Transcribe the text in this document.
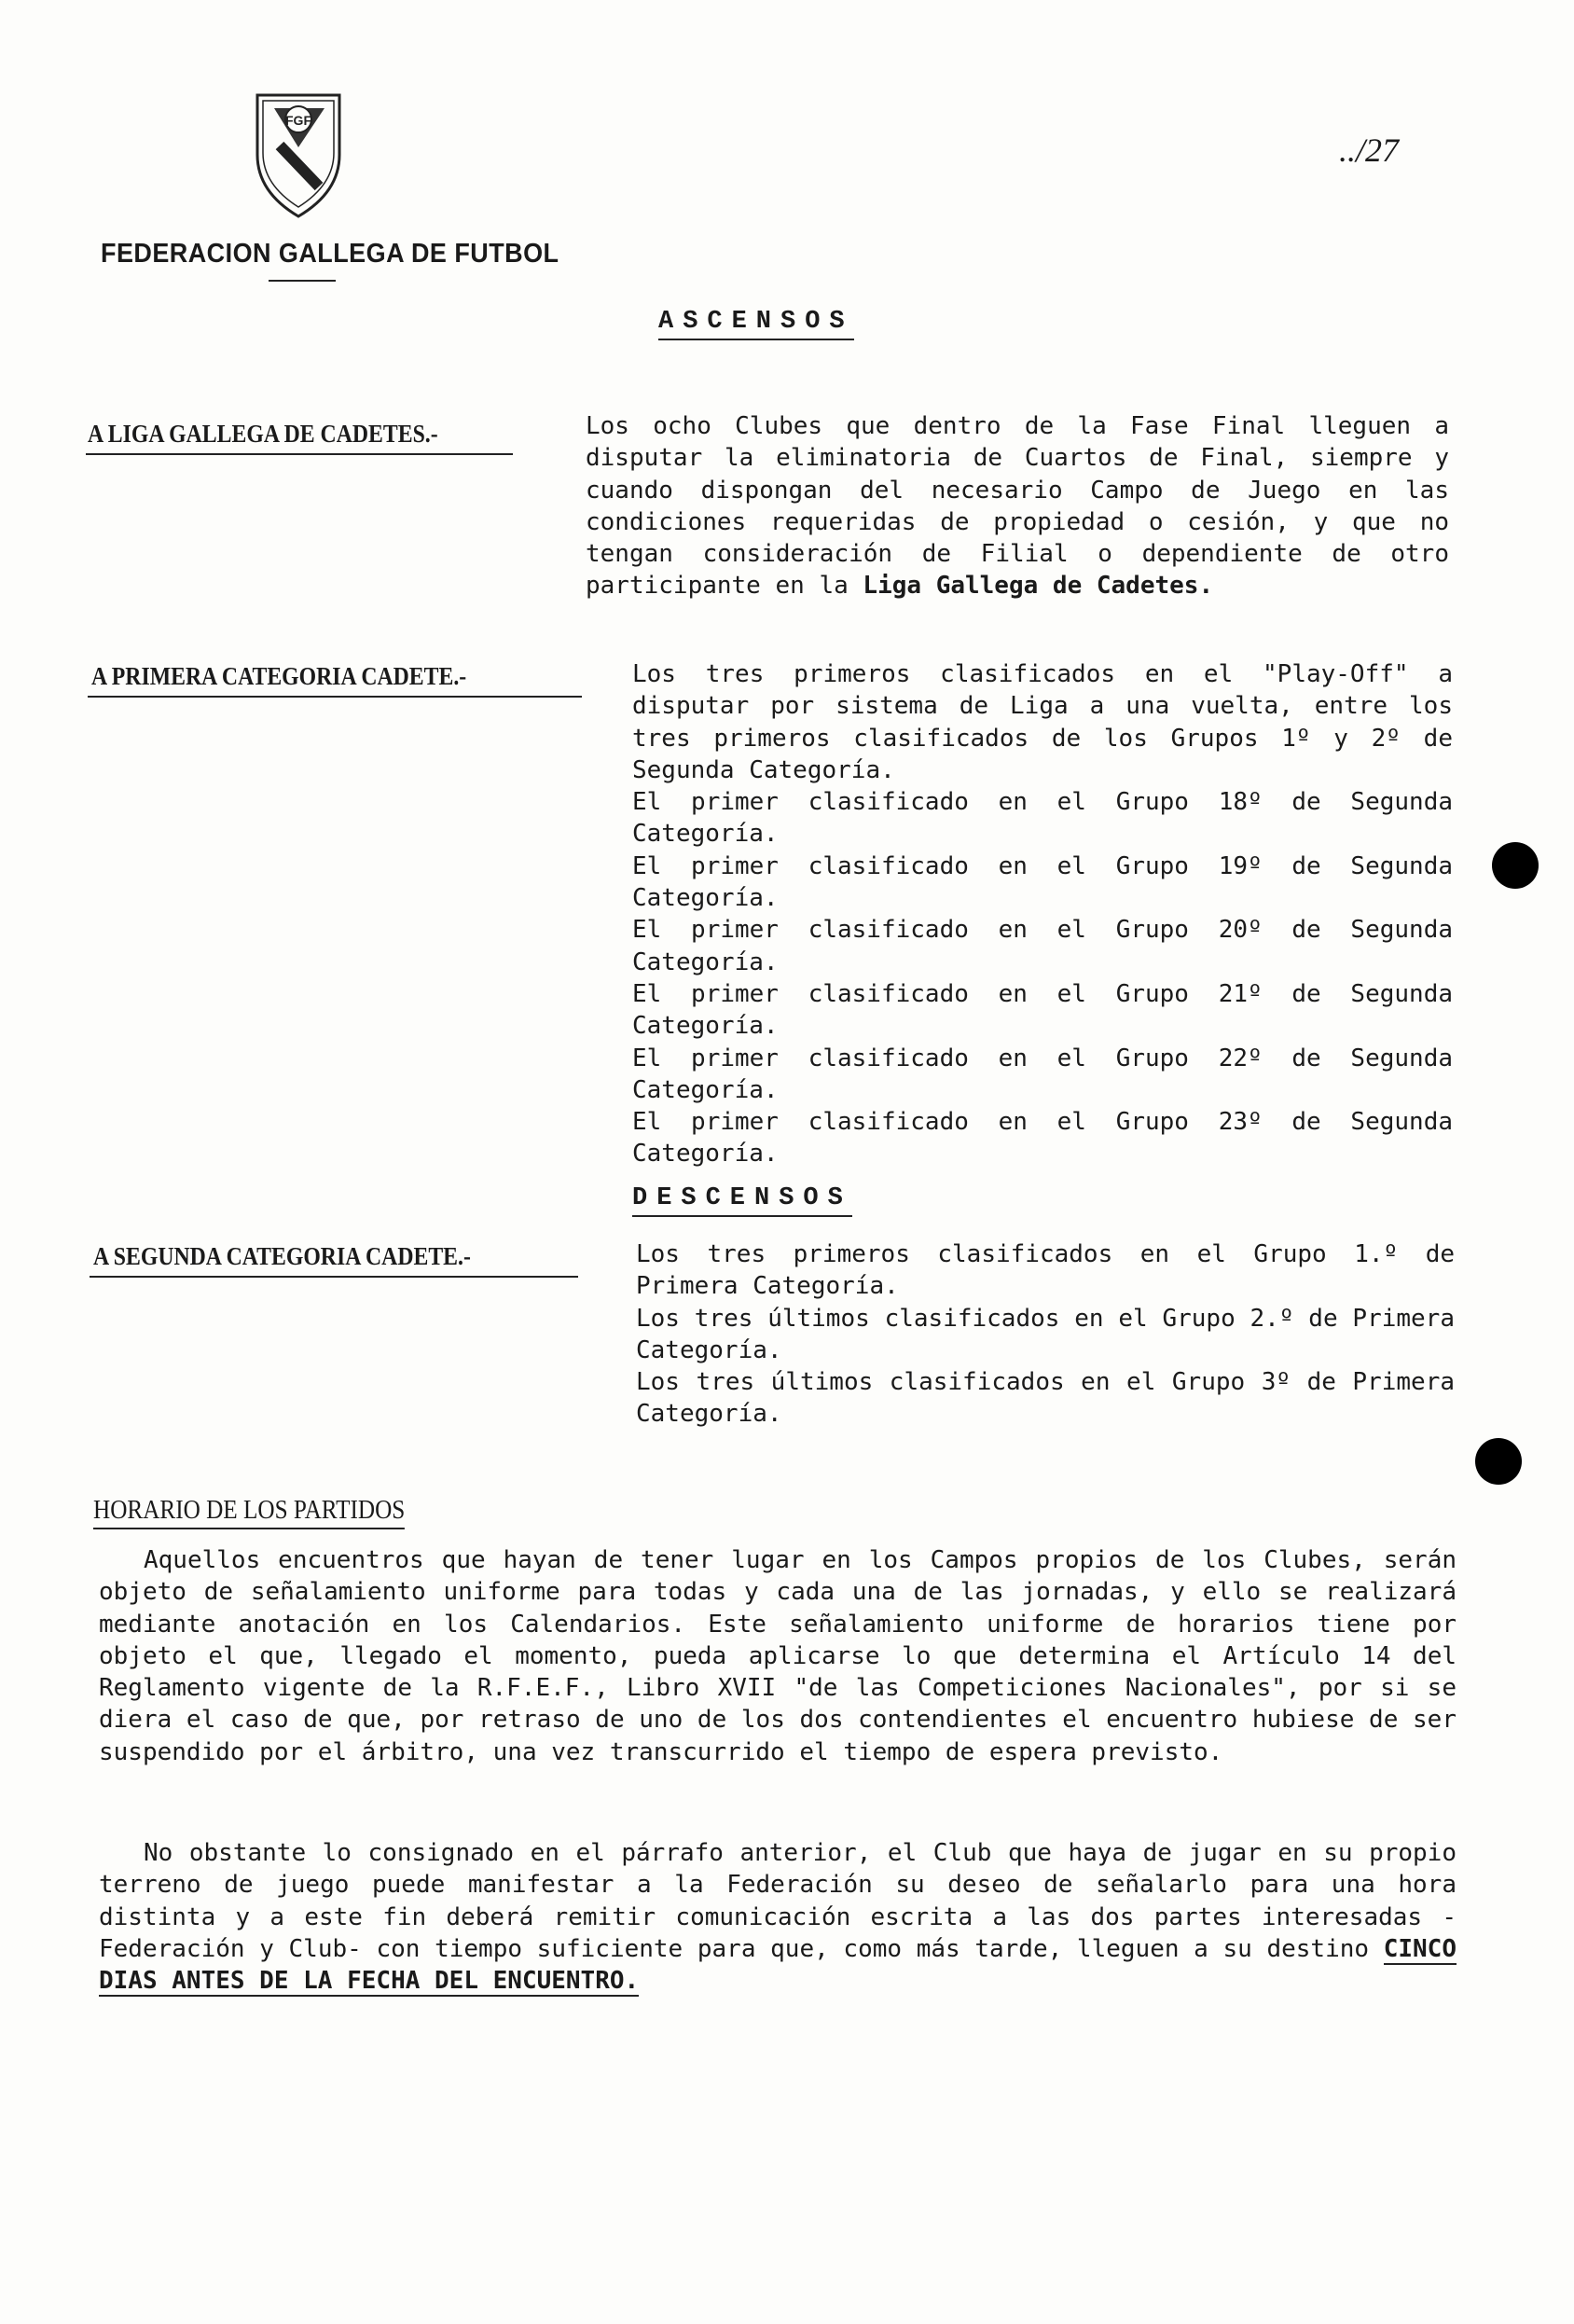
FGF
FEDERACION GALLEGA DE FUTBOL
../27
ASCENSOS
A LIGA GALLEGA DE CADETES.-	Los ocho Clubes que dentro de la Fase Final lleguen a disputar la eliminatoria de Cuartos de Final, siempre y cuando dispongan del necesario Campo de Juego en las condiciones requeridas de propiedad o cesión, y que no tengan consideración de Filial o dependiente de otro participante en la Liga Gallega de Cadetes.

A PRIMERA CATEGORIA CADETE.-	Los tres primeros clasificados en el "Play-Off" a disputar por sistema de Liga a una vuelta, entre los tres primeros clasificados de los Grupos 1º y 2º de Segunda Categoría.

El primer clasificado en el Grupo 18º de Segunda Categoría.

El primer clasificado en el Grupo 19º de Segunda Categoría.

El primer clasificado en el Grupo 20º de Segunda Categoría.

El primer clasificado en el Grupo 21º de Segunda Categoría.

El primer clasificado en el Grupo 22º de Segunda Categoría.

El primer clasificado en el Grupo 23º de Segunda Categoría.

DESCENSOS
A SEGUNDA CATEGORIA CADETE.-	Los tres primeros clasificados en el Grupo 1.º de Primera Categoría.

Los tres últimos clasificados en el Grupo 2.º de Primera Categoría.

Los tres últimos clasificados en el Grupo 3º de Primera Categoría.

HORARIO DE LOS PARTIDOS

Aquellos encuentros que hayan de tener lugar en los Campos propios de los Clubes, serán objeto de señalamiento uniforme para todas y cada una de las jornadas, y ello se realizará mediante anotación en los Calendarios. Este señalamiento uniforme de horarios tiene por objeto el que, llegado el momento, pueda aplicarse lo que determina el Artículo 14 del Reglamento vigente de la R.F.E.F., Libro XVII "de las Competiciones Nacionales", por si se diera el caso de que, por retraso de uno de los dos contendientes el encuentro hubiese de ser suspendido por el árbitro, una vez transcurrido el tiempo de espera previsto.

No obstante lo consignado en el párrafo anterior, el Club que haya de jugar en su propio terreno de juego puede manifestar a la Federación su deseo de señalarlo para una hora distinta y a este fin deberá remitir comunicación escrita a las dos partes interesadas -Federación y Club- con tiempo suficiente para que, como más tarde, lleguen a su destino CINCO DIAS ANTES DE LA FECHA DEL ENCUENTRO.
